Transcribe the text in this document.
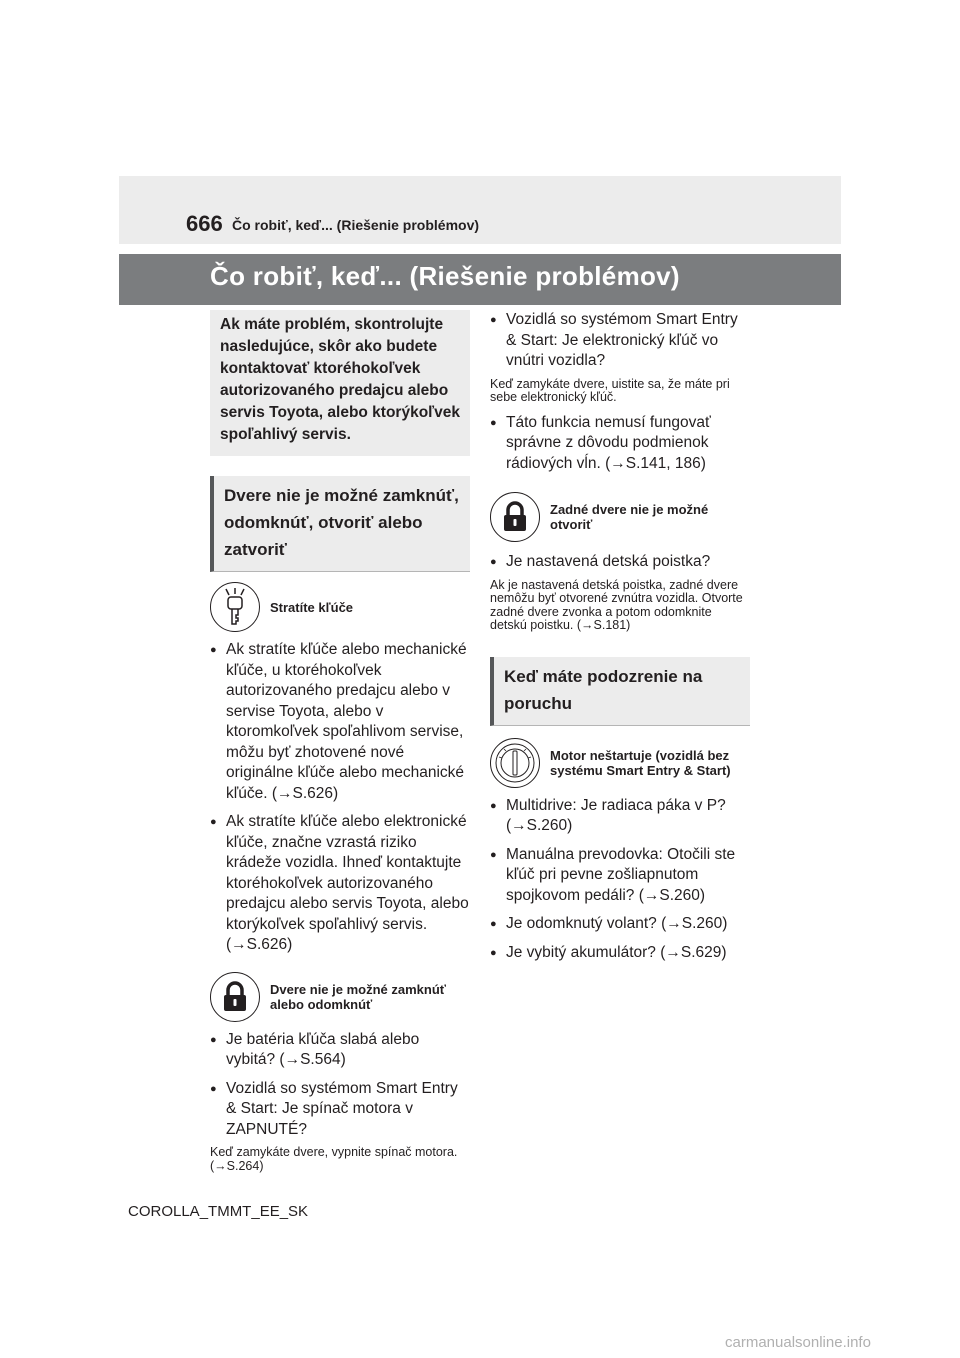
666 Čo robiť, keď... (Riešenie problémov)
Čo robiť, keď... (Riešenie problémov)
Ak máte problém, skontrolujte nasledujúce, skôr ako budete kontaktovať ktoréhokoľvek autorizovaného predajcu alebo servis Toyota, alebo ktorýkoľvek spoľahlivý servis.
Dvere nie je možné zamknúť, odomknúť, otvoriť alebo zatvoriť
Stratíte kľúče
● Ak stratíte kľúče alebo mechanické kľúče, u ktoréhokoľvek autorizovaného predajcu alebo v servise Toyota, alebo v ktoromkoľvek spoľahlivom servise, môžu byť zhotovené nové originálne kľúče alebo mechanické kľúče. (→S.626)
● Ak stratíte kľúče alebo elektronické kľúče, značne vzrastá riziko krádeže vozidla. Ihneď kontaktujte ktoréhokoľvek autorizovaného predajcu alebo servis Toyota, alebo ktorýkoľvek spoľahlivý servis. (→S.626)
Dvere nie je možné zamknúť alebo odomknúť
● Je batéria kľúča slabá alebo vybitá? (→S.564)
● Vozidlá so systémom Smart Entry & Start: Je spínač motora v ZAPNUTÉ?
Keď zamykáte dvere, vypnite spínač motora. (→S.264)
● Vozidlá so systémom Smart Entry & Start: Je elektronický kľúč vo vnútri vozidla?
Keď zamykáte dvere, uistite sa, že máte pri sebe elektronický kľúč.
● Táto funkcia nemusí fungovať správne z dôvodu podmienok rádiových vĺn. (→S.141, 186)
Zadné dvere nie je možné otvoriť
● Je nastavená detská poistka?
Ak je nastavená detská poistka, zadné dvere nemôžu byť otvorené zvnútra vozidla. Otvorte zadné dvere zvonka a potom odomknite detskú poistku. (→S.181)
Keď máte podozrenie na poruchu
Motor neštartuje (vozidlá bez systému Smart Entry & Start)
● Multidrive: Je radiaca páka v P? (→S.260)
● Manuálna prevodovka: Otočili ste kľúč pri pevne zošliapnutom spojkovom pedáli? (→S.260)
● Je odomknutý volant? (→S.260)
● Je vybitý akumulátor? (→S.629)
COROLLA_TMMT_EE_SK
carmanualsonline.info
